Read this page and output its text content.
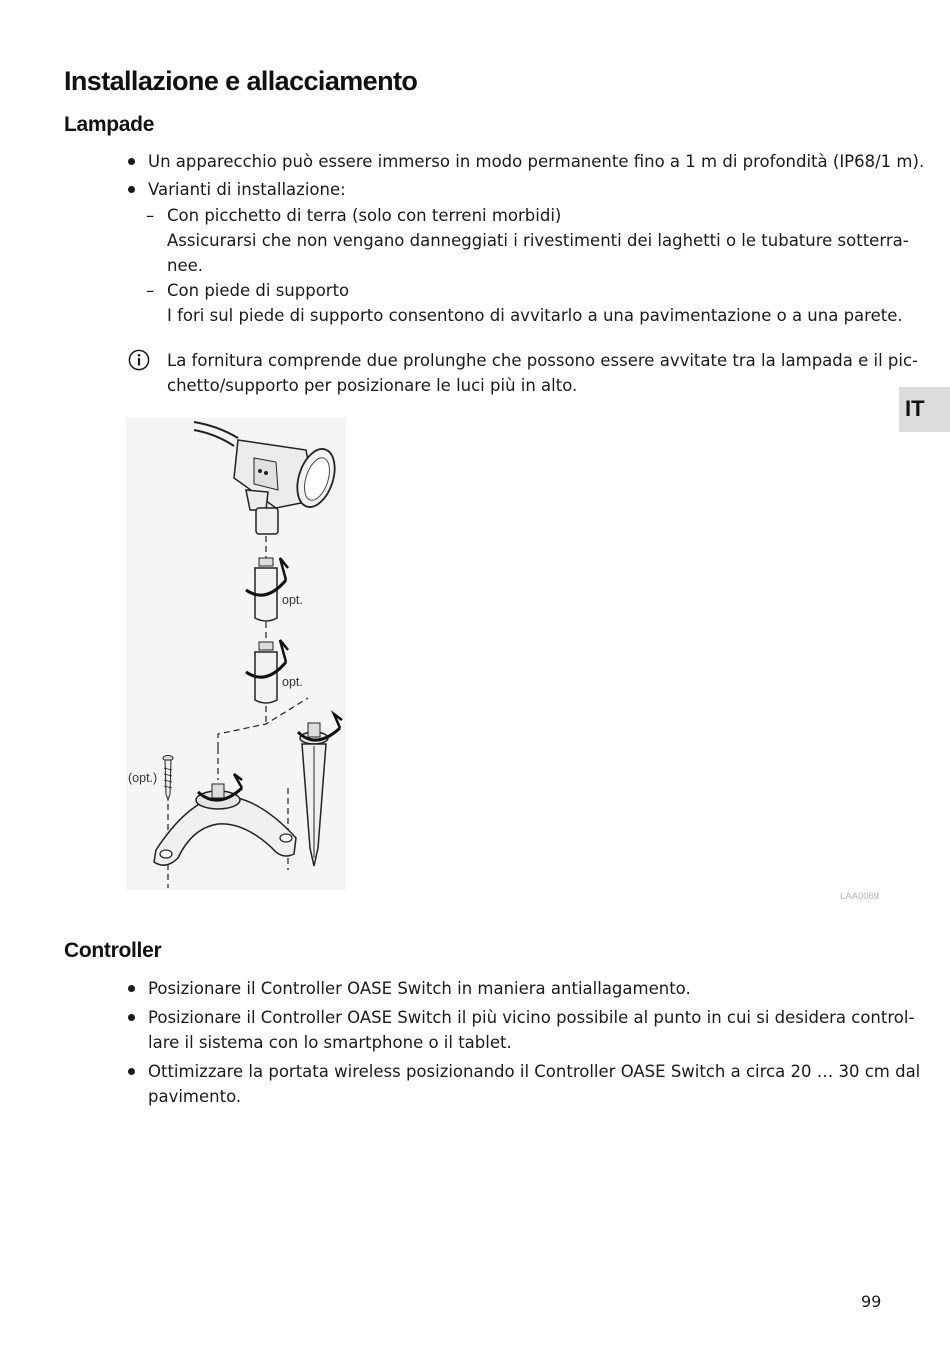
Installazione e allacciamento
IT
Lampade
Un apparecchio può essere immerso in modo permanente fino a 1 m di profondità (IP68/1 m).
Varianti di installazione:
– Con picchetto di terra (solo con terreni morbidi)
Assicurarsi che non vengano danneggiati i rivestimenti dei laghetti o le tubature sotterra-
nee.
– Con piede di supporto
I fori sul piede di supporto consentono di avvitarlo a una pavimentazione o a una parete.
La fornitura comprende due prolunghe che possono essere avvitate tra la lampada e il pic-
chetto/supporto per posizionare le luci più in alto.
opt.
opt.
(opt.)
LAA0069
Controller
Posizionare il Controller OASE Switch in maniera antiallagamento.
Posizionare il Controller OASE Switch il più vicino possibile al punto in cui si desidera control-
lare il sistema con lo smartphone o il tablet.
Ottimizzare la portata wireless posizionando il Controller OASE Switch a circa 20 … 30 cm dal
pavimento.
99
